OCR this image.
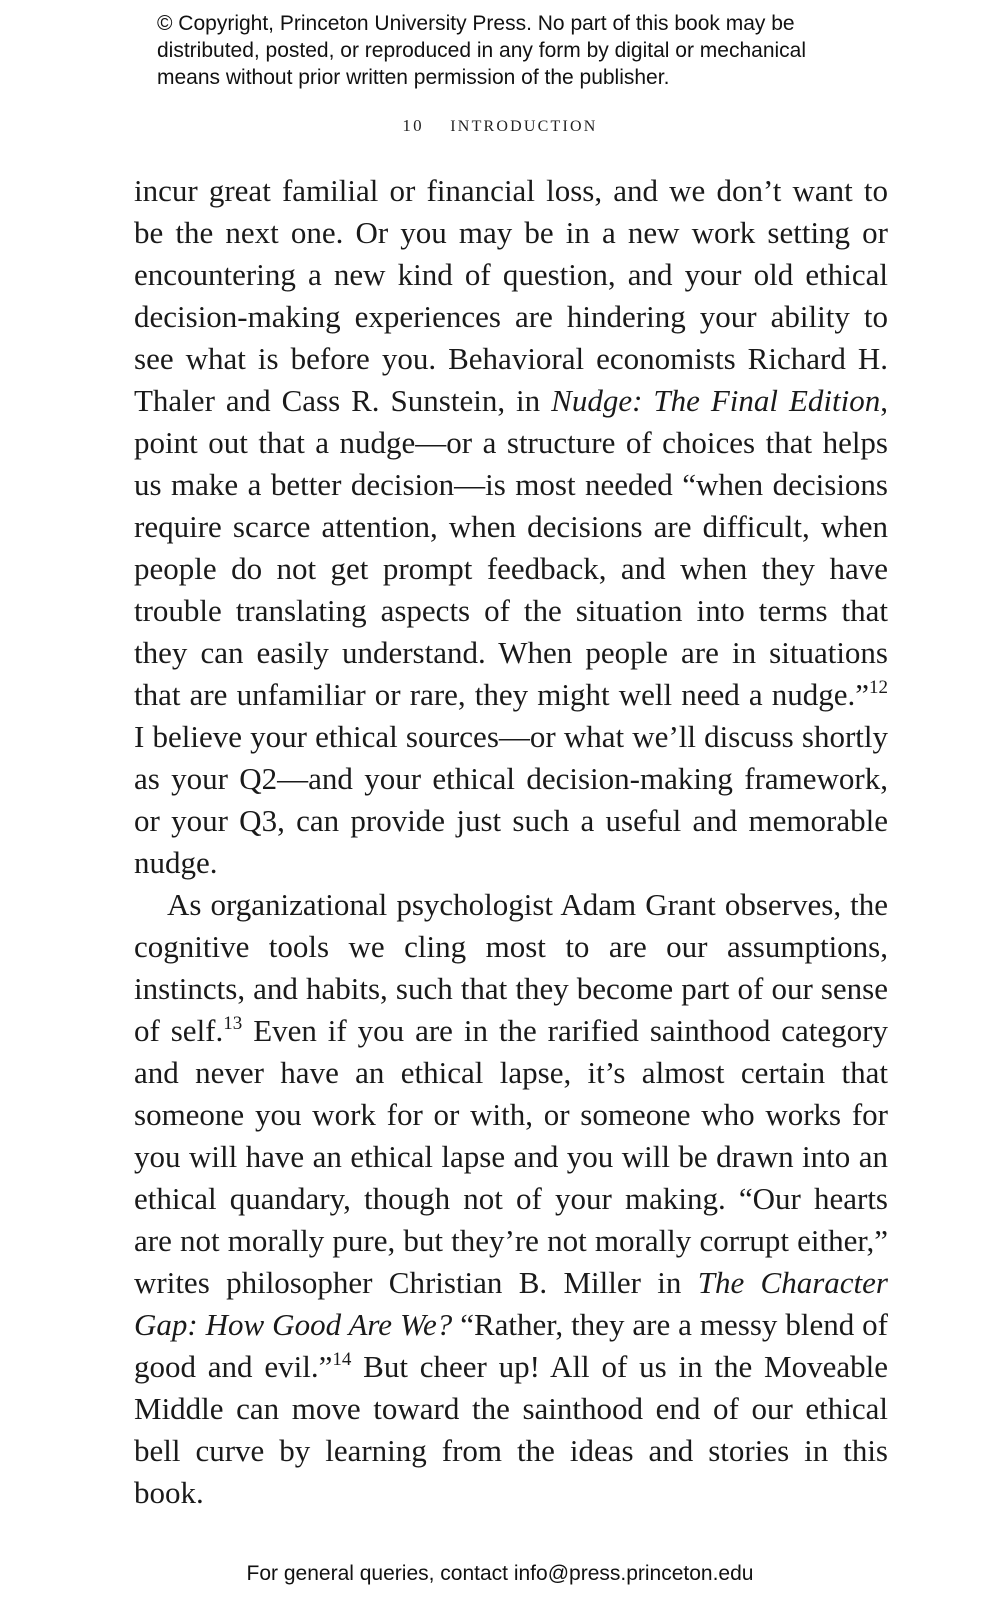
© Copyright, Princeton University Press. No part of this book may be
distributed, posted, or reproduced in any form by digital or mechanical
means without prior written permission of the publisher.
10 INTRODUCTION

incur great familial or financial loss, and we don’t want to be the next one. Or you may be in a new work setting or encountering a new kind of question, and your old ethical decision-making experiences are hindering your ability to see what is before you. Behavioral economists Richard H. Thaler and Cass R. Sunstein, in Nudge: The Final Edition, point out that a nudge—or a structure of choices that helps us make a better decision—is most needed “when decisions require scarce attention, when decisions are difficult, when people do not get prompt feedback, and when they have trouble translating aspects of the situation into terms that they can easily understand. When people are in situations that are unfamiliar or rare, they might well need a nudge.”$^{12}$ I believe your ethical sources—or what we’ll discuss shortly as your Q2—and your ethical decision-making framework, or your Q3, can provide just such a useful and memorable nudge.

As organizational psychologist Adam Grant observes, the cognitive tools we cling most to are our assumptions, instincts, and habits, such that they become part of our sense of self.$^{13}$ Even if you are in the rarified sainthood category and never have an ethical lapse, it’s almost certain that someone you work for or with, or someone who works for you will have an ethical lapse and you will be drawn into an ethical quandary, though not of your making. “Our hearts are not morally pure, but they’re not morally corrupt either,” writes philosopher Christian B. Miller in The Character Gap: How Good Are We? “Rather, they are a messy blend of good and evil.”$^{14}$ But cheer up! All of us in the Moveable Middle can move toward the sainthood end of our ethical bell curve by learning from the ideas and stories in this book.

For general queries, contact info@press.princeton.edu
